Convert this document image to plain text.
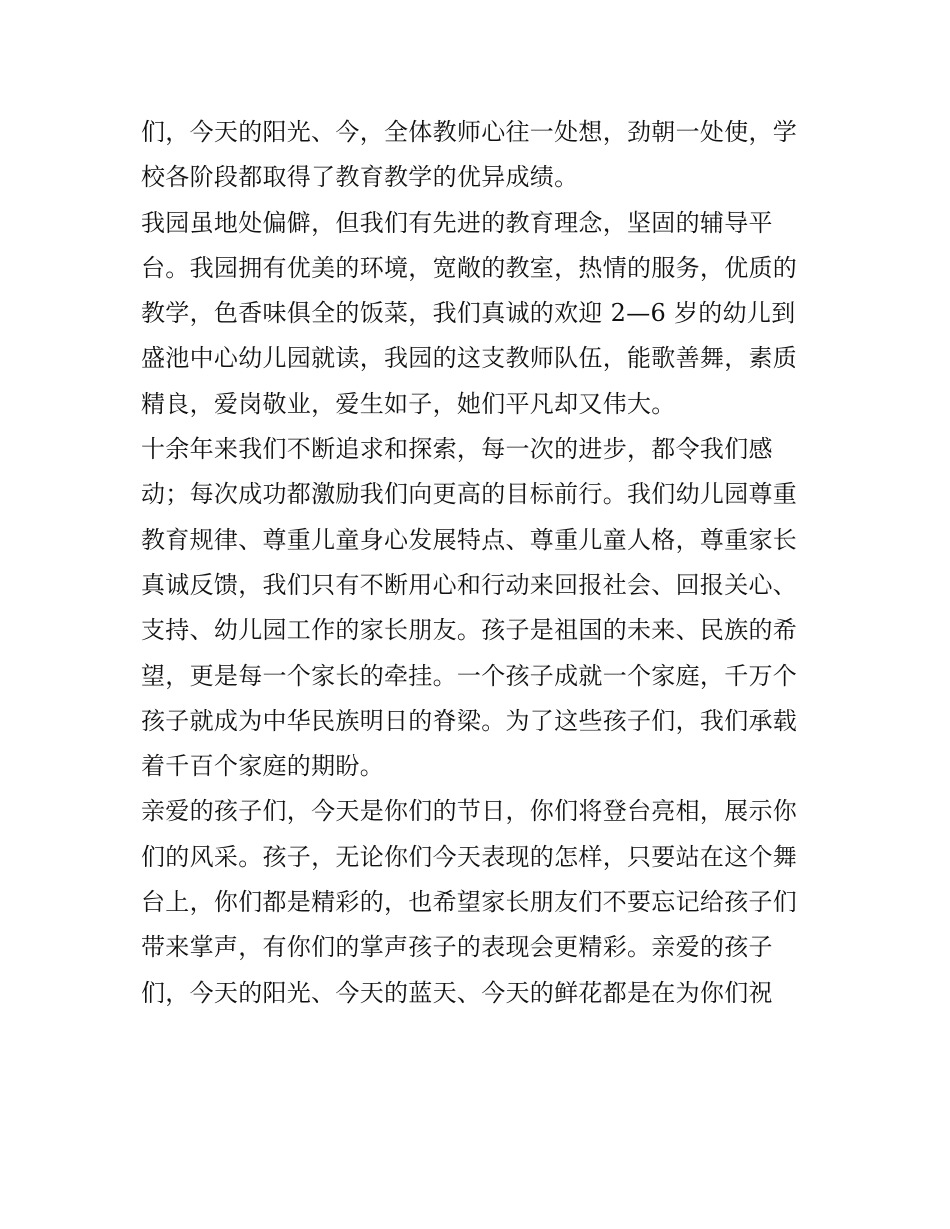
们，今天的阳光、今，全体教师心往一处想，劲朝一处使，学
校各阶段都取得了教育教学的优异成绩。
我园虽地处偏僻，但我们有先进的教育理念，坚固的辅导平
台。我园拥有优美的环境，宽敞的教室，热情的服务，优质的
教学，色香味俱全的饭菜，我们真诚的欢迎 2—6 岁的幼儿到
盛池中心幼儿园就读，我园的这支教师队伍，能歌善舞，素质
精良，爱岗敬业，爱生如子，她们平凡却又伟大。
十余年来我们不断追求和探索，每一次的进步，都令我们感
动；每次成功都激励我们向更高的目标前行。我们幼儿园尊重
教育规律、尊重儿童身心发展特点、尊重儿童人格，尊重家长
真诚反馈，我们只有不断用心和行动来回报社会、回报关心、
支持、幼儿园工作的家长朋友。孩子是祖国的未来、民族的希
望，更是每一个家长的牵挂。一个孩子成就一个家庭，千万个
孩子就成为中华民族明日的脊梁。为了这些孩子们，我们承载
着千百个家庭的期盼。
亲爱的孩子们，今天是你们的节日，你们将登台亮相，展示你
们的风采。孩子，无论你们今天表现的怎样，只要站在这个舞
台上，你们都是精彩的，也希望家长朋友们不要忘记给孩子们
带来掌声，有你们的掌声孩子的表现会更精彩。亲爱的孩子
们，今天的阳光、今天的蓝天、今天的鲜花都是在为你们祝
